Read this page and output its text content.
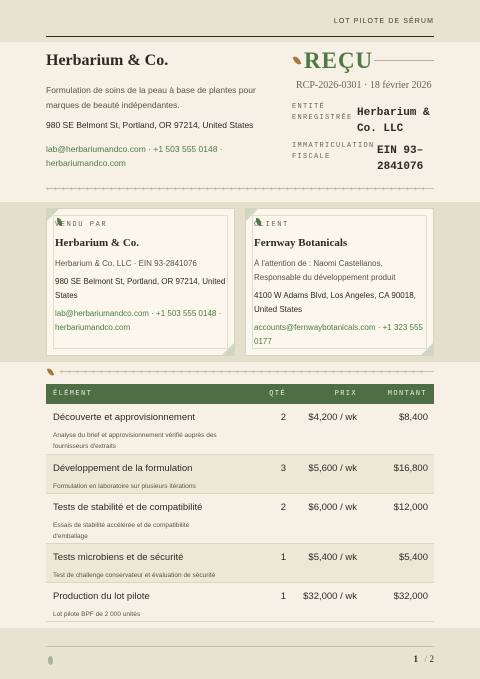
LOT PILOTE DE SÉRUM
Herbarium & Co.
Formulation de soins de la peau à base de plantes pour marques de beauté indépendantes.
980 SE Belmont St, Portland, OR 97214, United States
lab@herbariumandco.com · +1 503 555 0148 · herbariumandco.com
REÇU
RCP-2026-0301 · 18 février 2026
ENTITÉ ENREGISTRÉE Herbarium & Co. LLC
IMMATRICULATION FISCALE	EIN 93–2841076
› › › › › › › › › › › › › › › › › › › › › › › › › › › › › › › › › › › › › › › › › › › › › › › ›
VENDU PAR
Herbarium & Co.
Herbarium & Co. LLC · EIN 93-2841076
980 SE Belmont St, Portland, OR 97214, United States
lab@herbariumandco.com · +1 503 555 0148 · herbariumandco.com
CLIENT
Fernway Botanicals
À l'attention de : Naomi Castellanos, Responsable du développement produit
4100 W Adams Blvd, Los Angeles, CA 90018, United States
accounts@fernwaybotanicals.com · +1 323 555 0177
› › › › › › › › › › › › › › › › › › › › › › › › › › › › › › › › › › › › › › › › › › › › › ›
ÉLÉMENT	QTÉ	PRIX	MONTANT
Découverte et approvisionnement
Analyse du brief et approvisionnement vérifié auprès des fournisseurs d'extraits
2 $4,200 / wk	$8,400
Développement de la formulation
Formulation en laboratoire sur plusieurs itérations
3 $5,600 / wk	$16,800
Tests de stabilité et de compatibilité
Essais de stabilité accélérée et de compatibilité d'emballage
2 $6,000 / wk	$12,000
Tests microbiens et de sécurité
Test de challenge conservateur et évaluation de sécurité
1 $5,400 / wk	$5,400
Production du lot pilote
Lot pilote BPF de 2 000 unités
1 $32,000 / wk	$32,000
1 / 2
